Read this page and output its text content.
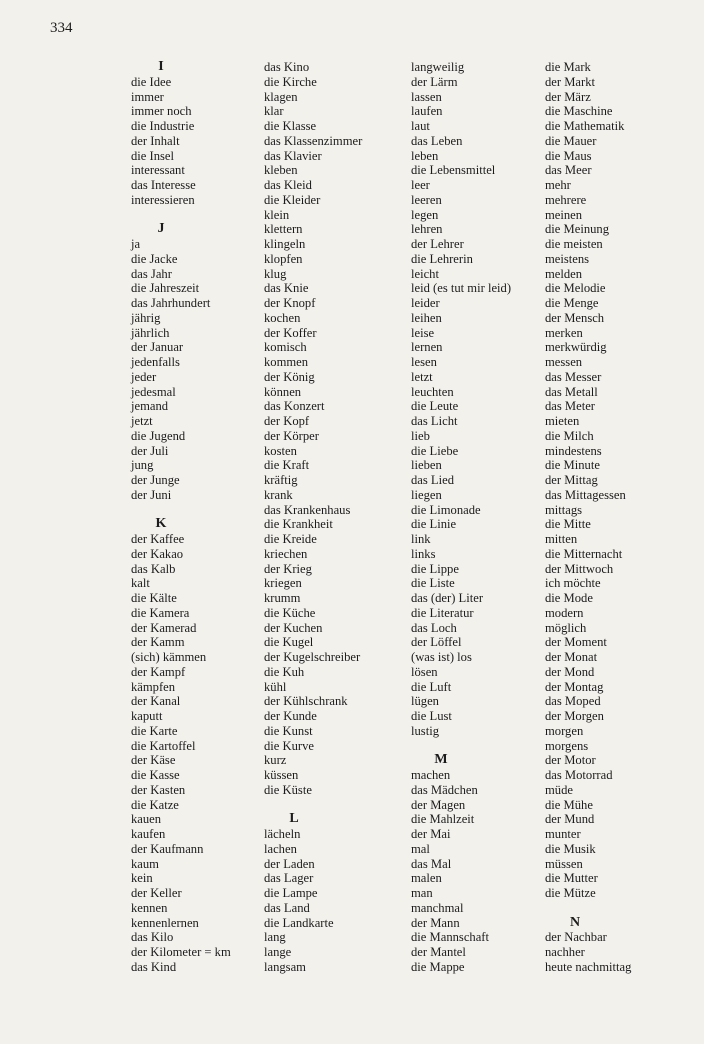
334
I
die Idee
immer
immer noch
die Industrie
der Inhalt
die Insel
interessant
das Interesse
interessieren
J
ja
die Jacke
das Jahr
die Jahreszeit
das Jahrhundert
jährig
jährlich
der Januar
jedenfalls
jeder
jedesmal
jemand
jetzt
die Jugend
der Juli
jung
der Junge
der Juni
K
der Kaffee
der Kakao
das Kalb
kalt
die Kälte
die Kamera
der Kamerad
der Kamm
(sich) kämmen
der Kampf
kämpfen
der Kanal
kaputt
die Karte
die Kartoffel
der Käse
die Kasse
der Kasten
die Katze
kauen
kaufen
der Kaufmann
kaum
kein
der Keller
kennen
kennenlernen
das Kilo
der Kilometer = km
das Kind
das Kino
die Kirche
klagen
klar
die Klasse
das Klassenzimmer
das Klavier
kleben
das Kleid
die Kleider
klein
klettern
klingeln
klopfen
klug
das Knie
der Knopf
kochen
der Koffer
komisch
kommen
der König
können
das Konzert
der Kopf
der Körper
kosten
die Kraft
kräftig
krank
das Krankenhaus
die Krankheit
die Kreide
kriechen
der Krieg
kriegen
krumm
die Küche
der Kuchen
die Kugel
der Kugelschreiber
die Kuh
kühl
der Kühlschrank
der Kunde
die Kunst
die Kurve
kurz
küssen
die Küste
L
lächeln
lachen
der Laden
das Lager
die Lampe
das Land
die Landkarte
lang
lange
langsam
langweilig
der Lärm
lassen
laufen
laut
das Leben
leben
die Lebensmittel
leer
leeren
legen
lehren
der Lehrer
die Lehrerin
leicht
leid (es tut mir leid)
leider
leihen
leise
lernen
lesen
letzt
leuchten
die Leute
das Licht
lieb
die Liebe
lieben
das Lied
liegen
die Limonade
die Linie
link
links
die Lippe
die Liste
das (der) Liter
die Literatur
das Loch
der Löffel
(was ist) los
lösen
die Luft
lügen
die Lust
lustig
M
machen
das Mädchen
der Magen
die Mahlzeit
der Mai
mal
das Mal
malen
man
manchmal
der Mann
die Mannschaft
der Mantel
die Mappe
die Mark
der Markt
der März
die Maschine
die Mathematik
die Mauer
die Maus
das Meer
mehr
mehrere
meinen
die Meinung
die meisten
meistens
melden
die Melodie
die Menge
der Mensch
merken
merkwürdig
messen
das Messer
das Metall
das Meter
mieten
die Milch
mindestens
die Minute
der Mittag
das Mittagessen
mittags
die Mitte
mitten
die Mitternacht
der Mittwoch
ich möchte
die Mode
modern
möglich
der Moment
der Monat
der Mond
der Montag
das Moped
der Morgen
morgen
morgens
der Motor
das Motorrad
müde
die Mühe
der Mund
munter
die Musik
müssen
die Mutter
die Mütze
N
der Nachbar
nachher
heute nachmittag
